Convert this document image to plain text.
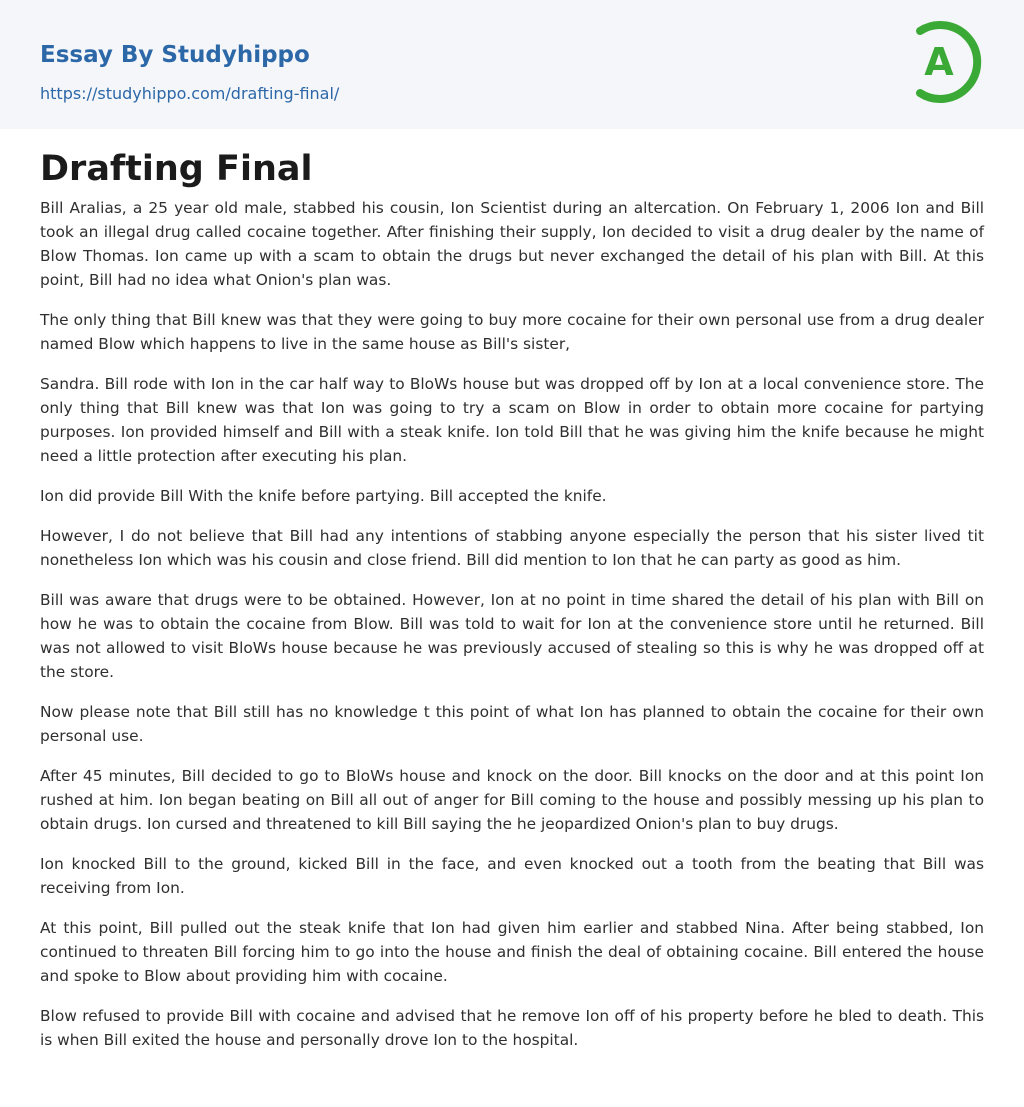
Essay By Studyhippo
https://studyhippo.com/drafting-final/
A
Drafting Final

Bill Aralias, a 25 year old male, stabbed his cousin, Ion Scientist during an altercation. On February 1, 2006 Ion and Bill took an illegal drug called cocaine together. After finishing their supply, Ion decided to visit a drug dealer by the name of Blow Thomas. Ion came up with a scam to obtain the drugs but never exchanged the detail of his plan with Bill. At this point, Bill had no idea what Onion's plan was.

The only thing that Bill knew was that they were going to buy more cocaine for their own personal use from a drug dealer named Blow which happens to live in the same house as Bill's sister,

Sandra. Bill rode with Ion in the car half way to BloWs house but was dropped off by Ion at a local convenience store. The only thing that Bill knew was that Ion was going to try a scam on Blow in order to obtain more cocaine for partying purposes. Ion provided himself and Bill with a steak knife. Ion told Bill that he was giving him the knife because he might need a little protection after executing his plan.

Ion did provide Bill With the knife before partying. Bill accepted the knife.

However, I do not believe that Bill had any intentions of stabbing anyone especially the person that his sister lived tit nonetheless Ion which was his cousin and close friend. Bill did mention to Ion that he can party as good as him.

Bill was aware that drugs were to be obtained. However, Ion at no point in time shared the detail of his plan with Bill on how he was to obtain the cocaine from Blow. Bill was told to wait for Ion at the convenience store until he returned. Bill was not allowed to visit BloWs house because he was previously accused of stealing so this is why he was dropped off at the store.

Now please note that Bill still has no knowledge t this point of what Ion has planned to obtain the cocaine for their own personal use.

After 45 minutes, Bill decided to go to BloWs house and knock on the door. Bill knocks on the door and at this point Ion rushed at him. Ion began beating on Bill all out of anger for Bill coming to the house and possibly messing up his plan to obtain drugs. Ion cursed and threatened to kill Bill saying the he jeopardized Onion's plan to buy drugs.

Ion knocked Bill to the ground, kicked Bill in the face, and even knocked out a tooth from the beating that Bill was receiving from Ion.

At this point, Bill pulled out the steak knife that Ion had given him earlier and stabbed Nina. After being stabbed, Ion continued to threaten Bill forcing him to go into the house and finish the deal of obtaining cocaine. Bill entered the house and spoke to Blow about providing him with cocaine.

Blow refused to provide Bill with cocaine and advised that he remove Ion off of his property before he bled to death. This is when Bill exited the house and personally drove Ion to the hospital.
